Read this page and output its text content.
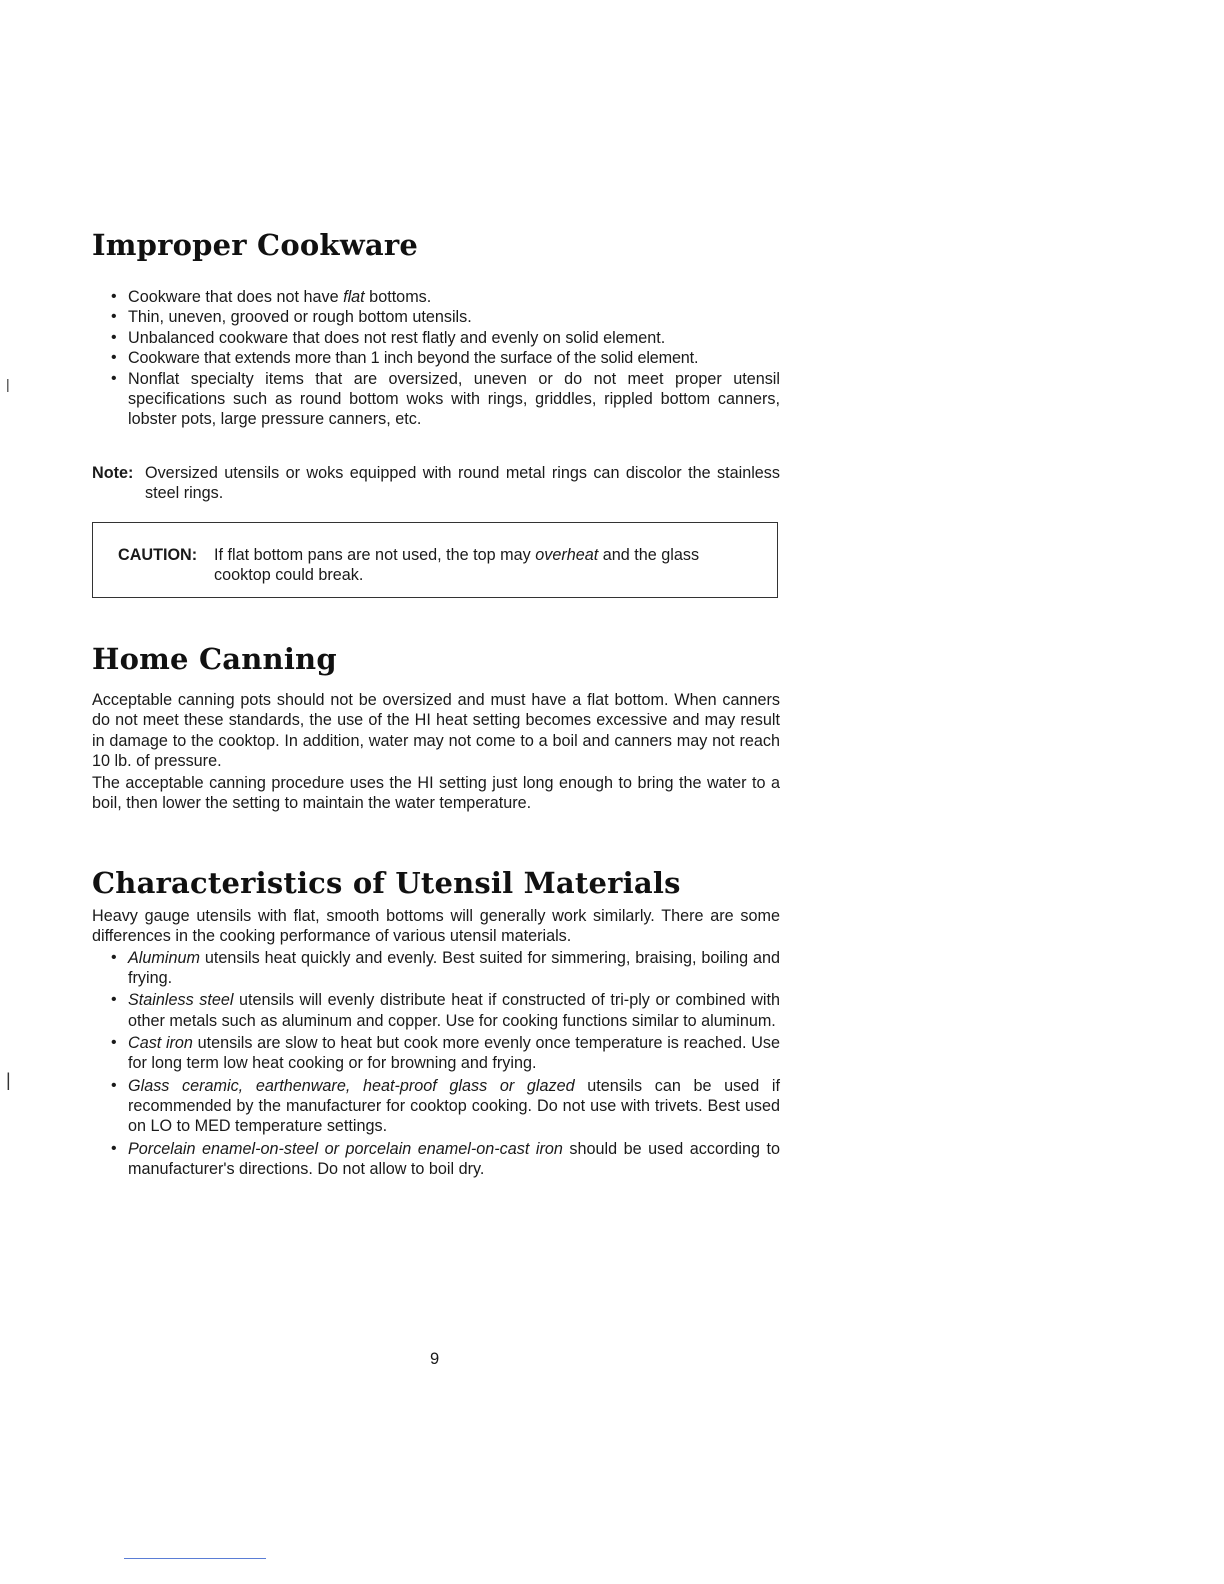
Improper Cookware
• Cookware that does not have flat bottoms.
• Thin, uneven, grooved or rough bottom utensils.
• Unbalanced cookware that does not rest flatly and evenly on solid element.
• Cookware that extends more than 1 inch beyond the surface of the solid element.
• Nonflat specialty items that are oversized, uneven or do not meet proper utensil specifications such as round bottom woks with rings, griddles, rippled bottom canners, lobster pots, large pressure canners, etc.
Note: Oversized utensils or woks equipped with round metal rings can discolor the stainless steel rings.
CAUTION:	If flat bottom pans are not used, the top may overheat and the glass cooktop could break.
Home Canning

Acceptable canning pots should not be oversized and must have a flat bottom. When canners do not meet these standards, the use of the HI heat setting becomes excessive and may result in damage to the cooktop. In addition, water may not come to a boil and canners may not reach 10 lb. of pressure.

The acceptable canning procedure uses the HI setting just long enough to bring the water to a boil, then lower the setting to maintain the water temperature.

Characteristics of Utensil Materials

Heavy gauge utensils with flat, smooth bottoms will generally work similarly. There are some differences in the cooking performance of various utensil materials.

• Aluminum utensils heat quickly and evenly. Best suited for simmering, braising, boiling and frying.
• Stainless steel utensils will evenly distribute heat if constructed of tri-ply or combined with other metals such as aluminum and copper. Use for cooking functions similar to aluminum.
• Cast iron utensils are slow to heat but cook more evenly once temperature is reached. Use for long term low heat cooking or for browning and frying.
• Glass ceramic, earthenware, heat-proof glass or glazed utensils can be used if recommended by the manufacturer for cooktop cooking. Do not use with trivets. Best used on LO to MED temperature settings.
• Porcelain enamel-on-steel or porcelain enamel-on-cast iron should be used according to manufacturer's directions. Do not allow to boil dry.
9
|
|
